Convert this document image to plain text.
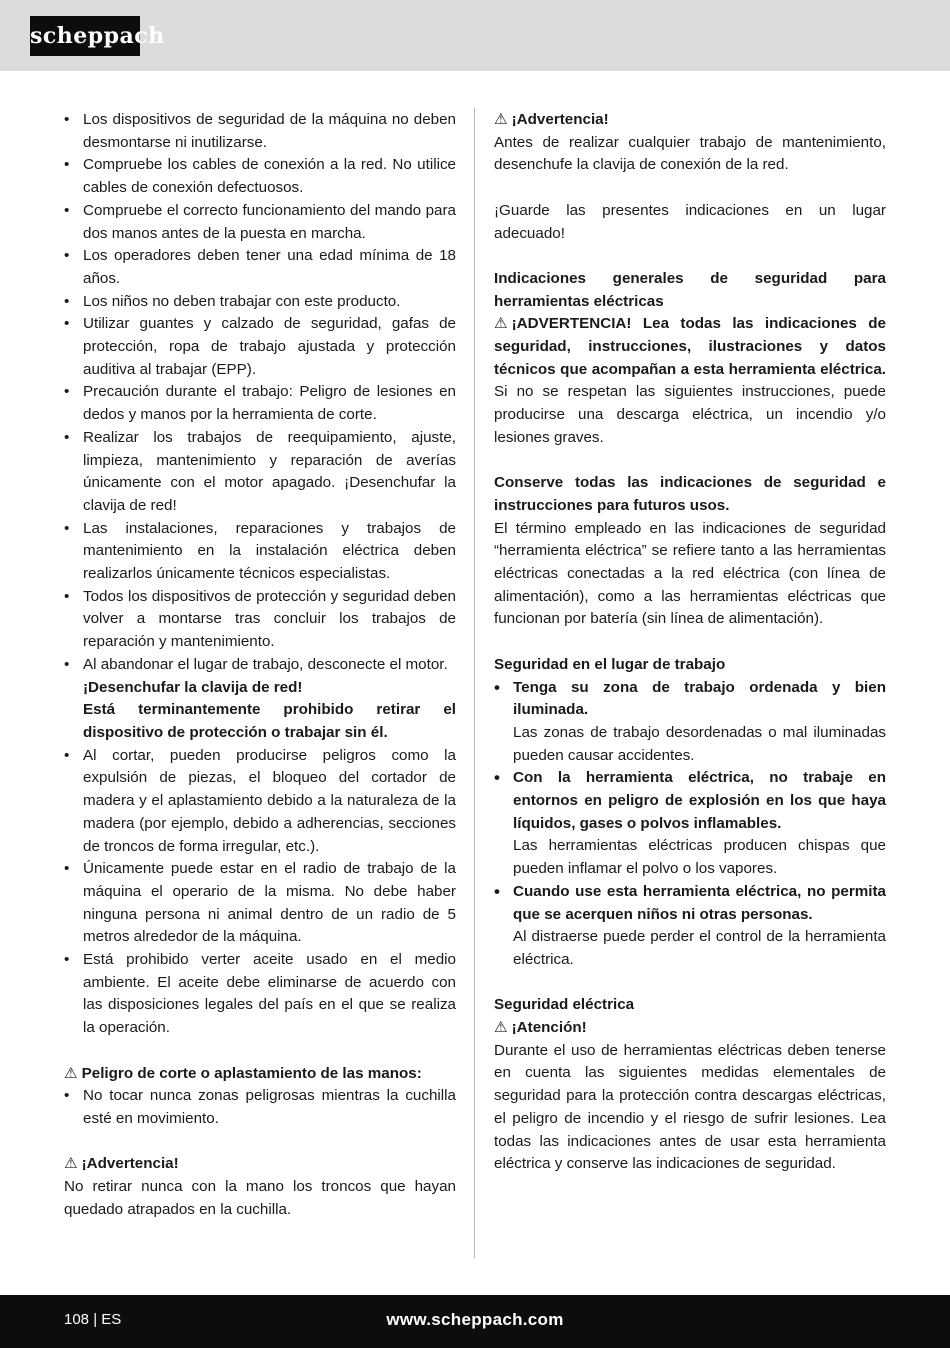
scheppach
• Los dispositivos de seguridad de la máquina no deben desmontarse ni inutilizarse.
• Compruebe los cables de conexión a la red. No utilice cables de conexión defectuosos.
• Compruebe el correcto funcionamiento del mando para dos manos antes de la puesta en marcha.
• Los operadores deben tener una edad mínima de 18 años.
• Los niños no deben trabajar con este producto.
• Utilizar guantes y calzado de seguridad, gafas de protección, ropa de trabajo ajustada y protección auditiva al trabajar (EPP).
• Precaución durante el trabajo: Peligro de lesiones en dedos y manos por la herramienta de corte.
• Realizar los trabajos de reequipamiento, ajuste, limpieza, mantenimiento y reparación de averías únicamente con el motor apagado. ¡Desenchufar la clavija de red!
• Las instalaciones, reparaciones y trabajos de mantenimiento en la instalación eléctrica deben realizarlos únicamente técnicos especialistas.
• Todos los dispositivos de protección y seguridad deben volver a montarse tras concluir los trabajos de reparación y mantenimiento.
• Al abandonar el lugar de trabajo, desconecte el motor.
¡Desenchufar la clavija de red!
Está terminantemente prohibido retirar el dispositivo de protección o trabajar sin él.
• Al cortar, pueden producirse peligros como la expulsión de piezas, el bloqueo del cortador de madera y el aplastamiento debido a la naturaleza de la madera (por ejemplo, debido a adherencias, secciones de troncos de forma irregular, etc.).
• Únicamente puede estar en el radio de trabajo de la máquina el operario de la misma. No debe haber ninguna persona ni animal dentro de un radio de 5 metros alrededor de la máquina.
• Está prohibido verter aceite usado en el medio ambiente. El aceite debe eliminarse de acuerdo con las disposiciones legales del país en el que se realiza la operación.

⚠ Peligro de corte o aplastamiento de las manos:

• No tocar nunca zonas peligrosas mientras la cuchilla esté en movimiento.

⚠ ¡Advertencia!

No retirar nunca con la mano los troncos que hayan quedado atrapados en la cuchilla.

⚠ ¡Advertencia!

Antes de realizar cualquier trabajo de mantenimiento, desenchufe la clavija de conexión de la red.

¡Guarde las presentes indicaciones en un lugar adecuado!

Indicaciones generales de seguridad para herramientas eléctricas

⚠ ¡ADVERTENCIA! Lea todas las indicaciones de seguridad, instrucciones, ilustraciones y datos técnicos que acompañan a esta herramienta eléctrica. Si no se respetan las siguientes instrucciones, puede producirse una descarga eléctrica, un incendio y/o lesiones graves.

Conserve todas las indicaciones de seguridad e instrucciones para futuros usos.

El término empleado en las indicaciones de seguridad “herramienta eléctrica” se refiere tanto a las herramientas eléctricas conectadas a la red eléctrica (con línea de alimentación), como a las herramientas eléctricas que funcionan por batería (sin línea de alimentación).

Seguridad en el lugar de trabajo

• Tenga su zona de trabajo ordenada y bien iluminada.
Las zonas de trabajo desordenadas o mal iluminadas pueden causar accidentes.
• Con la herramienta eléctrica, no trabaje en entornos en peligro de explosión en los que haya líquidos, gases o polvos inflamables.
Las herramientas eléctricas producen chispas que pueden inflamar el polvo o los vapores.
• Cuando use esta herramienta eléctrica, no permita que se acerquen niños ni otras personas.
Al distraerse puede perder el control de la herramienta eléctrica.

Seguridad eléctrica

⚠ ¡Atención!

Durante el uso de herramientas eléctricas deben tenerse en cuenta las siguientes medidas elementales de seguridad para la protección contra descargas eléctricas, el peligro de incendio y el riesgo de sufrir lesiones. Lea todas las indicaciones antes de usar esta herramienta eléctrica y conserve las indicaciones de seguridad.

108 | ES	www.scheppach.com
